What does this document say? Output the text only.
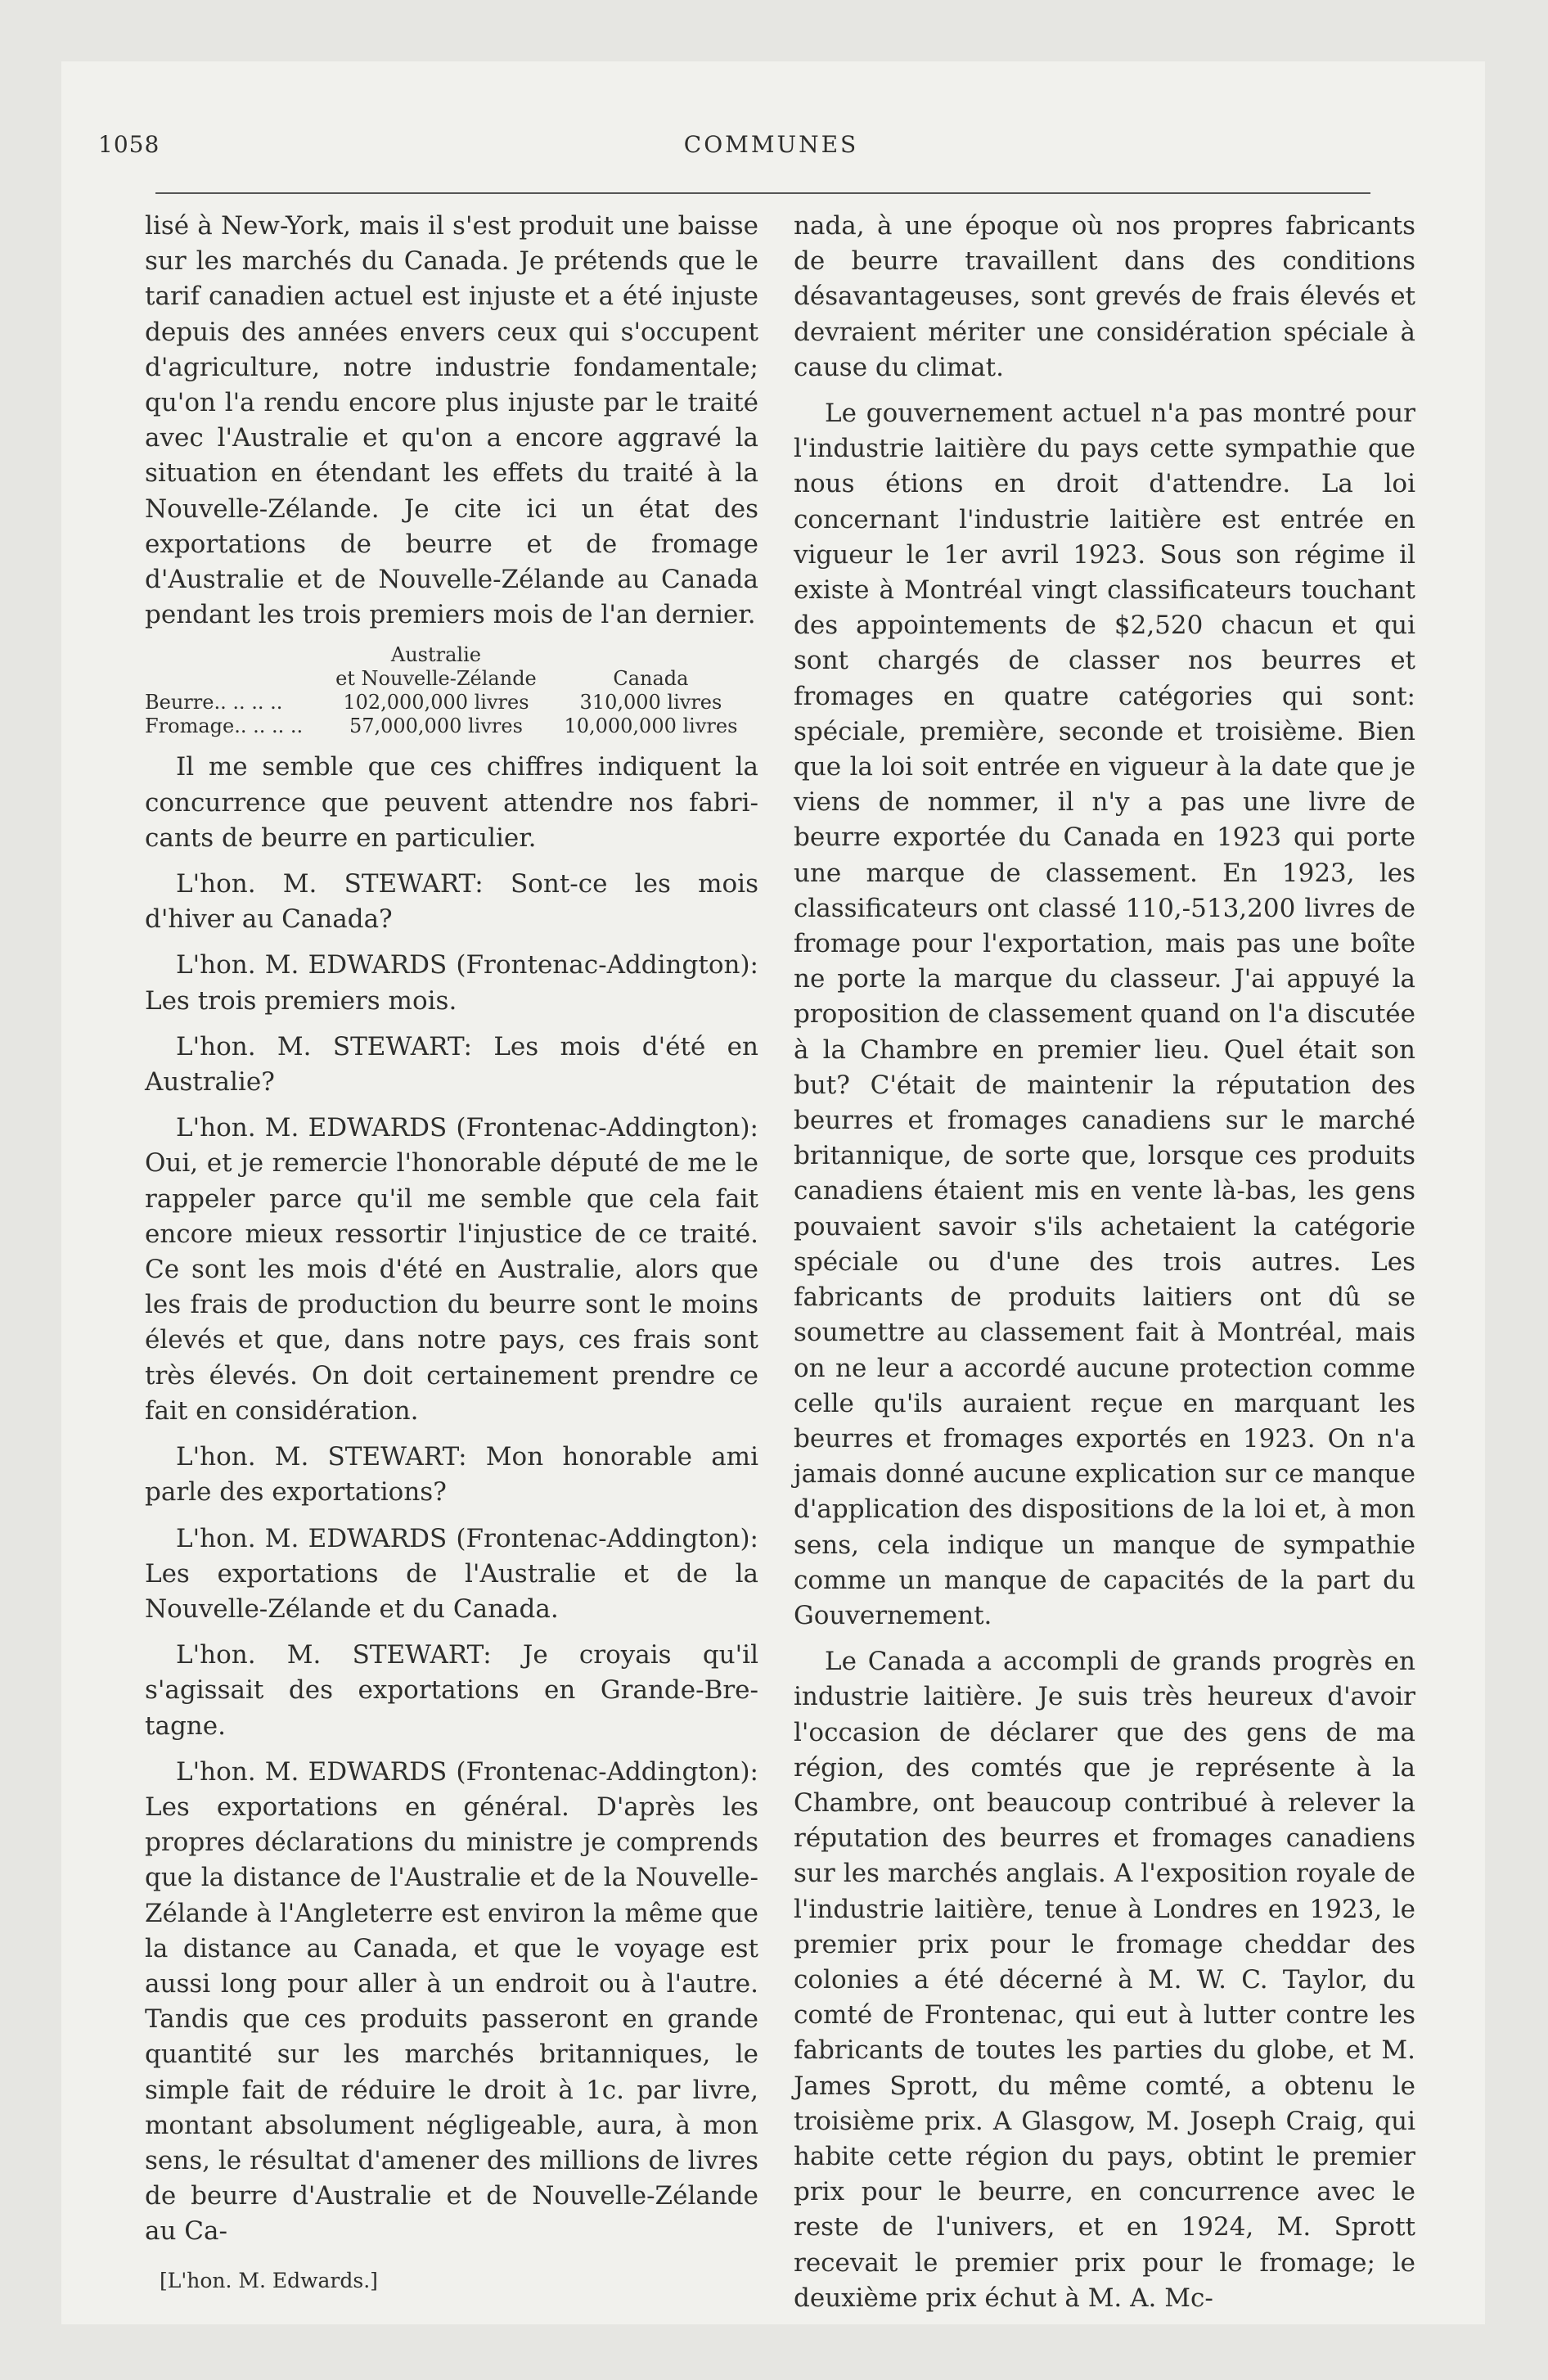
1058	COMMUNES

lisé à New-York, mais il s'est produit une baisse sur les marchés du Canada. Je prétends que le tarif canadien actuel est injuste et a été injuste depuis des années envers ceux qui s'occupent d'agriculture, notre industrie fondamentale; qu'on l'a rendu encore plus injuste par le traité avec l'Australie et qu'on a encore aggravé la situation en étendant les effets du traité à la Nouvelle-Zélande. Je cite ici un état des exportations de beurre et de fromage d'Australie et de Nouvelle-Zélande au Canada pendant les trois premiers mois de l'an dernier.

	Australie	
	et Nouvelle-Zélande	Canada
Beurre.. .. .. ..	102,000,000 livres	310,000 livres
Fromage.. .. .. ..	57,000,000 livres	10,000,000 livres

Il me semble que ces chiffres indiquent la concurrence que peuvent attendre nos fabricants de beurre en particulier.

L'hon. M. STEWART: Sont-ce les mois d'hiver au Canada?

L'hon. M. EDWARDS (Frontenac-Addington): Les trois premiers mois.

L'hon. M. STEWART: Les mois d'été en Australie?

L'hon. M. EDWARDS (Frontenac-Addington): Oui, et je remercie l'honorable député de me le rappeler parce qu'il me semble que cela fait encore mieux ressortir l'injustice de ce traité. Ce sont les mois d'été en Australie, alors que les frais de production du beurre sont le moins élevés et que, dans notre pays, ces frais sont très élevés. On doit certainement prendre ce fait en considération.

L'hon. M. STEWART: Mon honorable ami parle des exportations?

L'hon. M. EDWARDS (Frontenac-Addington): Les exportations de l'Australie et de la Nouvelle-Zélande et du Canada.

L'hon. M. STEWART: Je croyais qu'il s'agissait des exportations en Grande-Bretagne.

L'hon. M. EDWARDS (Frontenac-Addington): Les exportations en général. D'après les propres déclarations du ministre je comprends que la distance de l'Australie et de la Nouvelle-Zélande à l'Angleterre est environ la même que la distance au Canada, et que le voyage est aussi long pour aller à un endroit ou à l'autre. Tandis que ces produits passeront en grande quantité sur les marchés britanniques, le simple fait de réduire le droit à 1c. par livre, montant absolument négligeable, aura, à mon sens, le résultat d'amener des millions de livres de beurre d'Australie et de Nouvelle-Zélande au Ca-

[L'hon. M. Edwards.]

nada, à une époque où nos propres fabricants de beurre travaillent dans des conditions désavantageuses, sont grevés de frais élevés et devraient mériter une considération spéciale à cause du climat.

Le gouvernement actuel n'a pas montré pour l'industrie laitière du pays cette sympathie que nous étions en droit d'attendre. La loi concernant l'industrie laitière est entrée en vigueur le 1er avril 1923. Sous son régime il existe à Montréal vingt classificateurs touchant des appointements de $2,520 chacun et qui sont chargés de classer nos beurres et fromages en quatre catégories qui sont: spéciale, première, seconde et troisième. Bien que la loi soit entrée en vigueur à la date que je viens de nommer, il n'y a pas une livre de beurre exportée du Canada en 1923 qui porte une marque de classement. En 1923, les classificateurs ont classé 110,-513,200 livres de fromage pour l'exportation, mais pas une boîte ne porte la marque du classeur. J'ai appuyé la proposition de classement quand on l'a discutée à la Chambre en premier lieu. Quel était son but? C'était de maintenir la réputation des beurres et fromages canadiens sur le marché britannique, de sorte que, lorsque ces produits canadiens étaient mis en vente là-bas, les gens pouvaient savoir s'ils achetaient la catégorie spéciale ou d'une des trois autres. Les fabricants de produits laitiers ont dû se soumettre au classement fait à Montréal, mais on ne leur a accordé aucune protection comme celle qu'ils auraient reçue en marquant les beurres et fromages exportés en 1923. On n'a jamais donné aucune explication sur ce manque d'application des dispositions de la loi et, à mon sens, cela indique un manque de sympathie comme un manque de capacités de la part du Gouvernement.

Le Canada a accompli de grands progrès en industrie laitière. Je suis très heureux d'avoir l'occasion de déclarer que des gens de ma région, des comtés que je représente à la Chambre, ont beaucoup contribué à relever la réputation des beurres et fromages canadiens sur les marchés anglais. A l'exposition royale de l'industrie laitière, tenue à Londres en 1923, le premier prix pour le fromage cheddar des colonies a été décerné à M. W. C. Taylor, du comté de Frontenac, qui eut à lutter contre les fabricants de toutes les parties du globe, et M. James Sprott, du même comté, a obtenu le troisième prix. A Glasgow, M. Joseph Craig, qui habite cette région du pays, obtint le premier prix pour le beurre, en concurrence avec le reste de l'univers, et en 1924, M. Sprott recevait le premier prix pour le fromage; le deuxième prix échut à M. A. Mc-
